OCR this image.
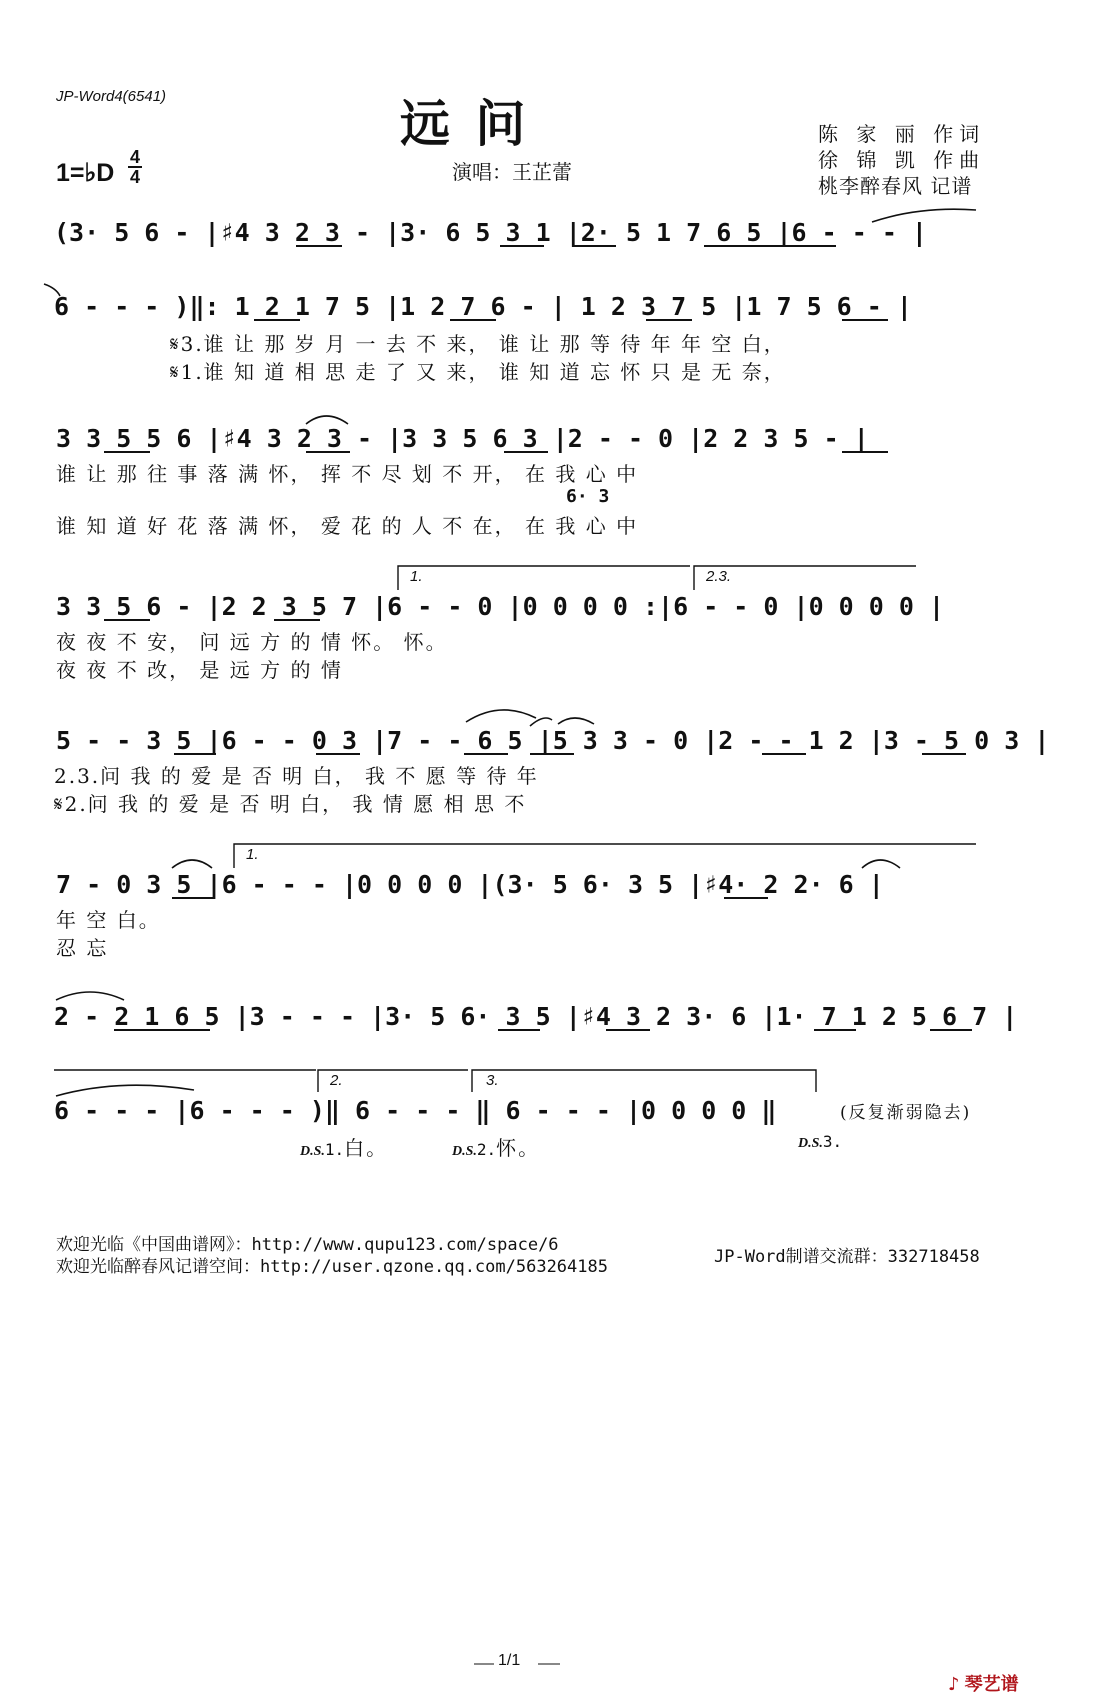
JP-Word4(6541)	远 问	陈 家 丽 作词
徐 锦 凯 作曲
桃李醉春风 记谱
1=♭D
4
4	演唱：王芷蕾
(3· 5 6 - |♯4 3 2 3 - |3· 6 5 3 1 |2· 5 1 7 6 5 |6 - - - |
6 - - - )‖: 1 2 1 7 5 |1 2 7 6 - | 1 2 3 7 5 |1 7 5 6 - |
𝄋3.谁 让 那 岁 月 一 去 不 来， 谁 让 那 等 待 年 年 空 白，
𝄋1.谁 知 道 相 思 走 了 又 来， 谁 知 道 忘 怀 只 是 无 奈，
3 3 5 5 6 |♯4 3 2 3 - |3 3 5 6 3 |2 - - 0 |2 2 3 5 - |
谁 让 那 往 事 落 满 怀， 挥 不 尽 划 不 开， 在 我 心 中
6· 3
谁 知 道 好 花 落 满 怀， 爱 花 的 人 不 在， 在 我 心 中
1.	2.3.
3 3 5 6 - |2 2 3 5 7 |6 - - 0 |0 0 0 0 :|6 - - 0 |0 0 0 0 |
夜 夜 不 安， 问 远 方 的 情 怀。 怀。
夜 夜 不 改， 是 远 方 的 情
5 - - 3 5 |6 - - 0 3 |7 - - 6 5 |5 3 3 - 0 |2 - - 1 2 |3 - 5 0 3 |
2.3.问 我 的 爱 是 否 明 白， 我 不 愿 等 待 年
𝄋2.问 我 的 爱 是 否 明 白， 我 情 愿 相 思 不
1.
7 - 0 3 5 |6 - - - |0 0 0 0 |(3· 5 6· 3 5 |♯4· 2 2· 6 |
年 空 白。
忍 忘
2 - 2 1 6 5 |3 - - - |3· 5 6· 3 5 |♯4 3 2 3· 6 |1· 7 1 2 5 6 7 |
2.	3.
6 - - - |6 - - - )‖ 6 - - - ‖ 6 - - - |0 0 0 0 ‖	(反复渐弱隐去)
D.S.1.白。	D.S.2.怀。	D.S.3.
欢迎光临《中国曲谱网》：http://www.qupu123.com/space/6
欢迎光临醉春风记谱空间：http://user.qzone.qq.com/563264185	JP-Word制谱交流群：332718458
1/1
♪ 琴艺谱
